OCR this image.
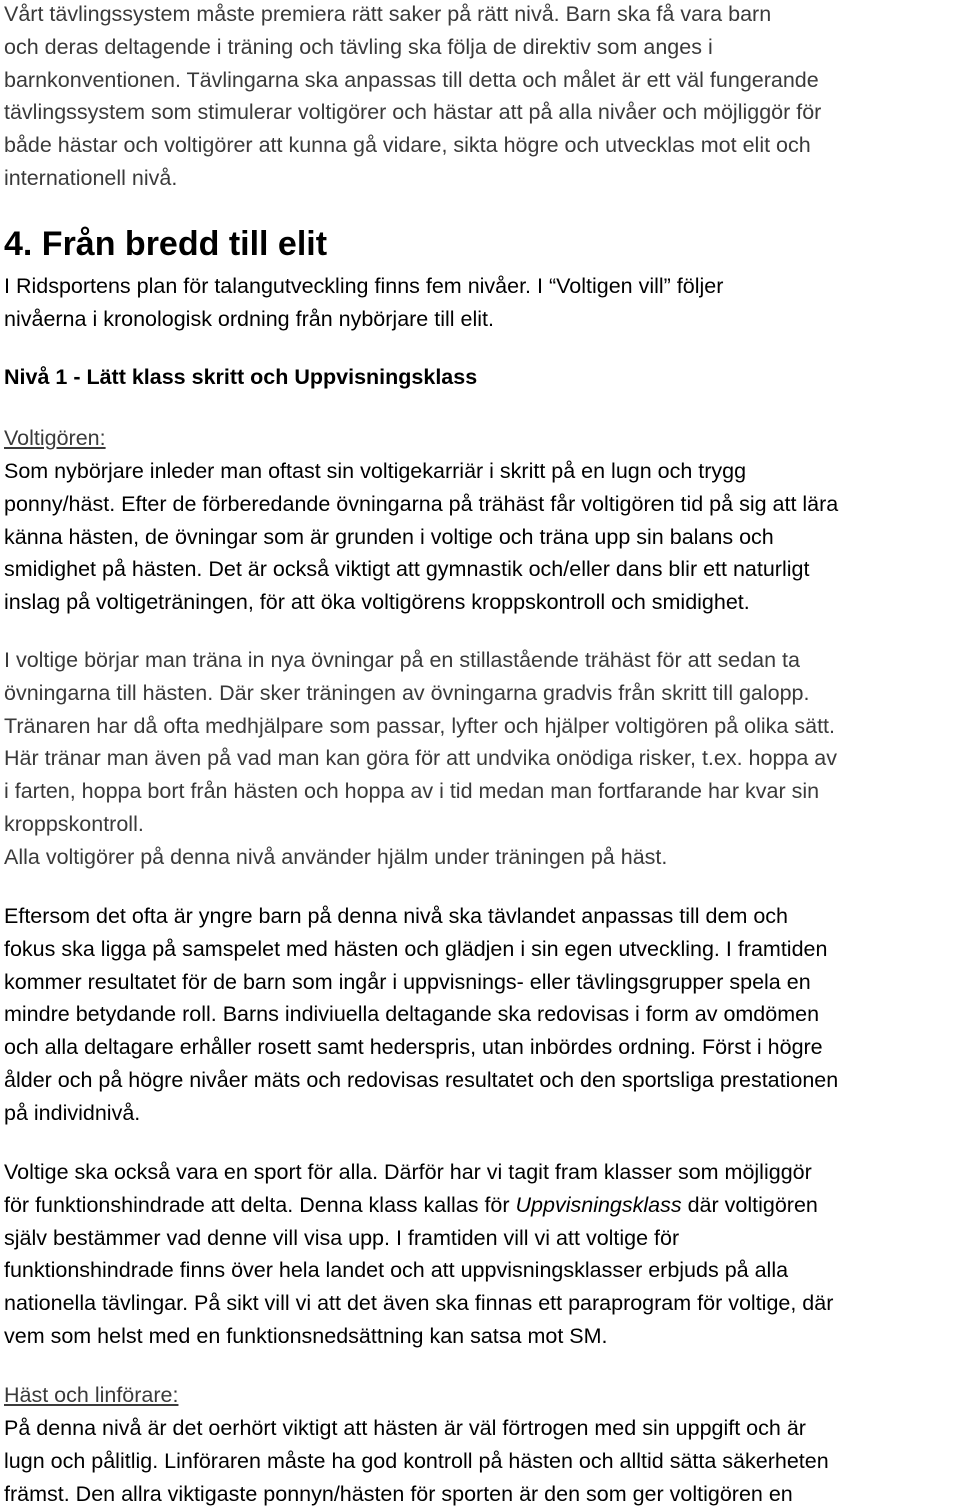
Vårt tävlingssystem måste premiera rätt saker på rätt nivå. Barn ska få vara barn
och deras deltagende i träning och tävling ska följa de direktiv som anges i
barnkonventionen. Tävlingarna ska anpassas till detta och målet är ett väl fungerande
tävlingssystem som stimulerar voltigörer och hästar att på alla nivåer och möjliggör för
både hästar och voltigörer att kunna gå vidare, sikta högre och utvecklas mot elit och
internationell nivå.
4. Från bredd till elit
I Ridsportens plan för talangutveckling finns fem nivåer. I “Voltigen vill” följer
nivåerna i kronologisk ordning från nybörjare till elit.
Nivå 1 - Lätt klass skritt och Uppvisningsklass
Voltigören:
Som nybörjare inleder man oftast sin voltigekarriär i skritt på en lugn och trygg
ponny/häst. Efter de förberedande övningarna på trähäst får voltigören tid på sig att lära
känna hästen, de övningar som är grunden i voltige och träna upp sin balans och
smidighet på hästen. Det är också viktigt att gymnastik och/eller dans blir ett naturligt
inslag på voltigeträningen, för att öka voltigörens kroppskontroll och smidighet.
I voltige börjar man träna in nya övningar på en stillastående trähäst för att sedan ta
övningarna till hästen. Där sker träningen av övningarna gradvis från skritt till galopp.
Tränaren har då ofta medhjälpare som passar, lyfter och hjälper voltigören på olika sätt.
Här tränar man även på vad man kan göra för att undvika onödiga risker, t.ex. hoppa av
i farten, hoppa bort från hästen och hoppa av i tid medan man fortfarande har kvar sin
kroppskontroll.
Alla voltigörer på denna nivå använder hjälm under träningen på häst.
Eftersom det ofta är yngre barn på denna nivå ska tävlandet anpassas till dem och
fokus ska ligga på samspelet med hästen och glädjen i sin egen utveckling. I framtiden
kommer resultatet för de barn som ingår i uppvisnings- eller tävlingsgrupper spela en
mindre betydande roll. Barns indiviuella deltagande ska redovisas i form av omdömen
och alla deltagare erhåller rosett samt hederspris, utan inbördes ordning. Först i högre
ålder och på högre nivåer mäts och redovisas resultatet och den sportsliga prestationen
på individnivå.
Voltige ska också vara en sport för alla. Därför har vi tagit fram klasser som möjliggör
för funktionshindrade att delta. Denna klass kallas för Uppvisningsklass där voltigören
själv bestämmer vad denne vill visa upp. I framtiden vill vi att voltige för
funktionshindrade finns över hela landet och att uppvisningsklasser erbjuds på alla
nationella tävlingar. På sikt vill vi att det även ska finnas ett paraprogram för voltige, där
vem som helst med en funktionsnedsättning kan satsa mot SM.
Häst och linförare:
På denna nivå är det oerhört viktigt att hästen är väl förtrogen med sin uppgift och är
lugn och pålitlig. Linföraren måste ha god kontroll på hästen och alltid sätta säkerheten
främst. Den allra viktigaste ponnyn/hästen för sporten är den som ger voltigören en
